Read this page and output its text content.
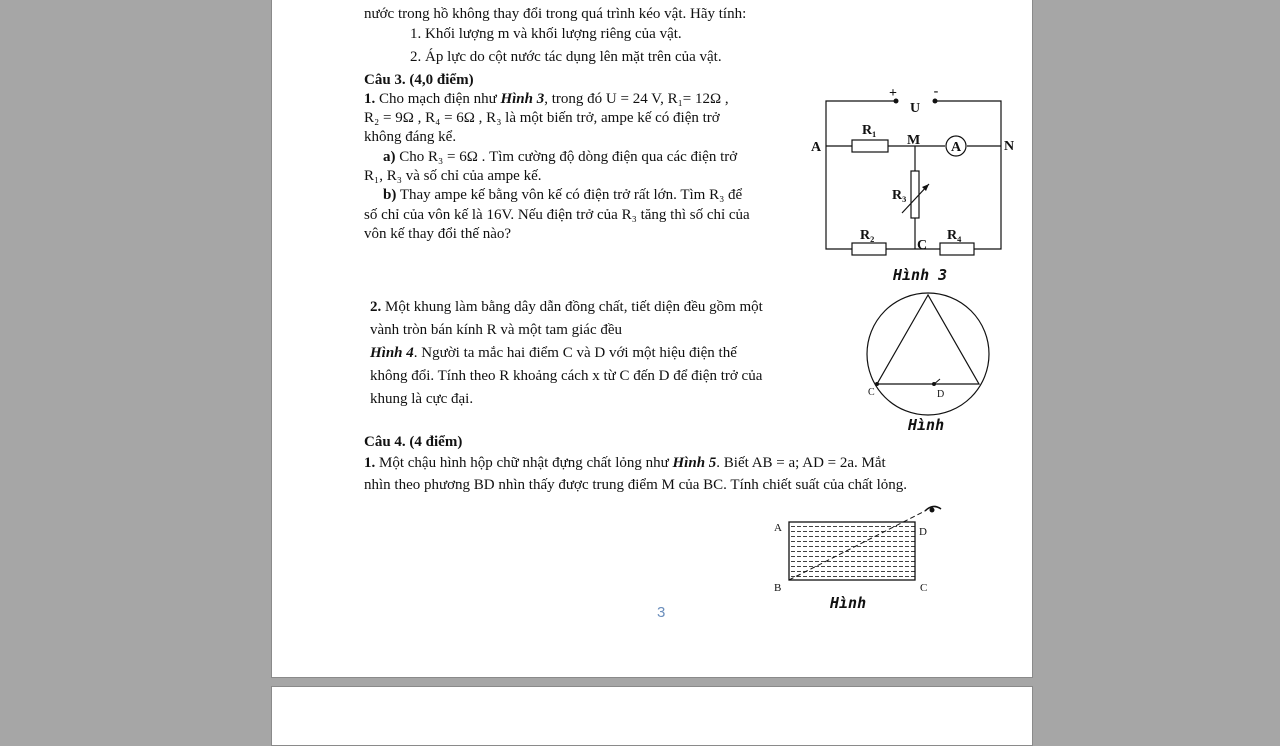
nước trong hồ không thay đổi trong quá trình kéo vật. Hãy tính:
1. Khối lượng m và khối lượng riêng của vật.
2. Áp lực do cột nước tác dụng lên mặt trên của vật.
Câu 3. (4,0 điểm)
1. Cho mạch điện như Hình 3, trong đó U = 24 V, R₁= 12Ω ,
R₂ = 9Ω , R₄ = 6Ω , R₃ là một biến trở, ampe kế có điện trở
không đáng kể.
a) Cho R₃ = 6Ω . Tìm cường độ dòng điện qua các điện trở
R₁, R₃ và số chỉ của ampe kế.
b) Thay ampe kế bằng vôn kế có điện trở rất lớn. Tìm R₃ để
số chỉ của vôn kế là 16V. Nếu điện trở của R₃ tăng thì số chỉ của
vôn kế thay đổi thế nào?
2. Một khung làm bằng dây dẫn đồng chất, tiết diện đều gồm một
vành tròn bán kính R và một tam giác đều
Hình 4. Người ta mắc hai điểm C và D với một hiệu điện thế
không đổi. Tính theo R khoảng cách x từ C đến D để điện trở của
khung là cực đại.
Câu 4. (4 điểm)
1. Một chậu hình hộp chữ nhật đựng chất lỏng như Hình 5. Biết AB = a; AD = 2a. Mắt
nhìn theo phương BD nhìn thấy được trung điểm M của BC. Tính chiết suất của chất lỏng.
+	-
U
A	N
M
C
R₁
R₃
R₂	R₄
A
Hình 3
C	D
Hình
A
B	C
D
Hình
3
